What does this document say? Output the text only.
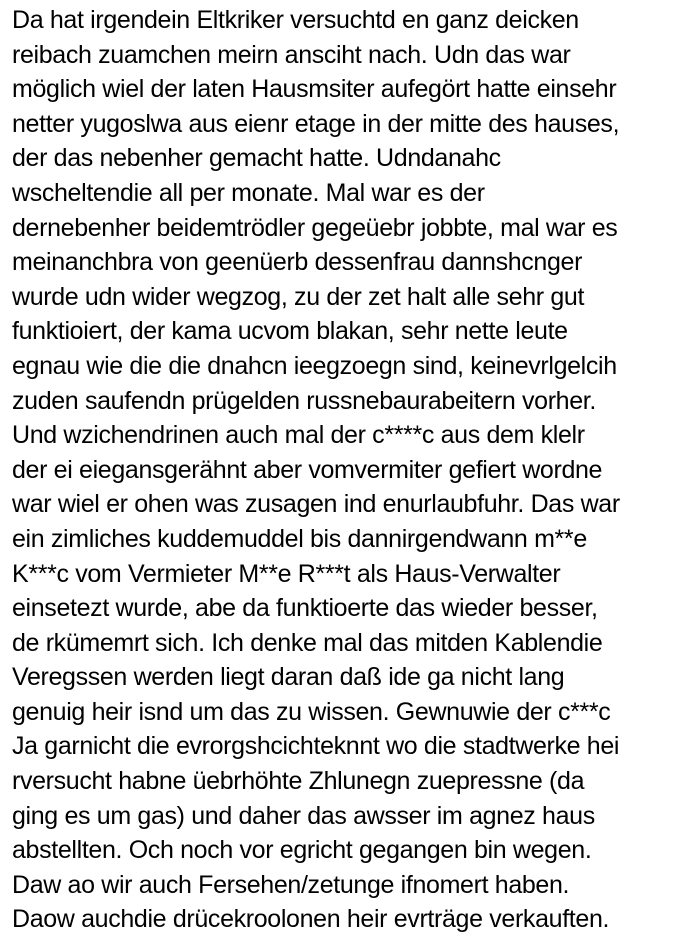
Da hat irgendein Eltkriker versuchtd en ganz deicken
reibach zuamchen meirn ansciht nach. Udn das war
möglich wiel der laten Hausmsiter aufegört hatte einsehr
netter yugoslwa aus eienr etage in der mitte des hauses,
der das nebenher gemacht hatte. Udndanahc
wscheltendie all per monate. Mal war es der
dernebenher beidemtrödler gegeüebr jobbte, mal war es
meinanchbra von geenüerb dessenfrau dannshcnger
wurde udn wider wegzog, zu der zet halt alle sehr gut
funktioiert, der kama ucvom blakan, sehr nette leute
egnau wie die die dnahcn ieegzoegn sind, keinevrlgelcih
zuden saufendn prügelden russnebaurabeitern vorher.
Und wzichendrinen auch mal der c****c aus dem klelr
der ei eiegansgerähnt aber vomvermiter gefiert wordne
war wiel er ohen was zusagen ind enurlaubfuhr. Das war
ein zimliches kuddemuddel bis dannirgendwann m**e
K***c vom Vermieter M**e R***t als Haus-Verwalter
einsetezt wurde, abe da funktioerte das wieder besser,
de rkümemrt sich. Ich denke mal das mitden Kablendie
Veregssen werden liegt daran daß ide ga nicht lang
genuig heir isnd um das zu wissen. Gewnuwie der c***c
Ja garnicht die evrorgshcichteknnt wo die stadtwerke hei
rversucht habne üebrhöhte Zhlunegn zuepressne (da
ging es um gas) und daher das awsser im agnez haus
abstellten. Och noch vor egricht gegangen bin wegen.
Daw ao wir auch Fersehen/zetunge ifnomert haben.
Daow auchdie drücekroolonen heir evrträge verkauften.
